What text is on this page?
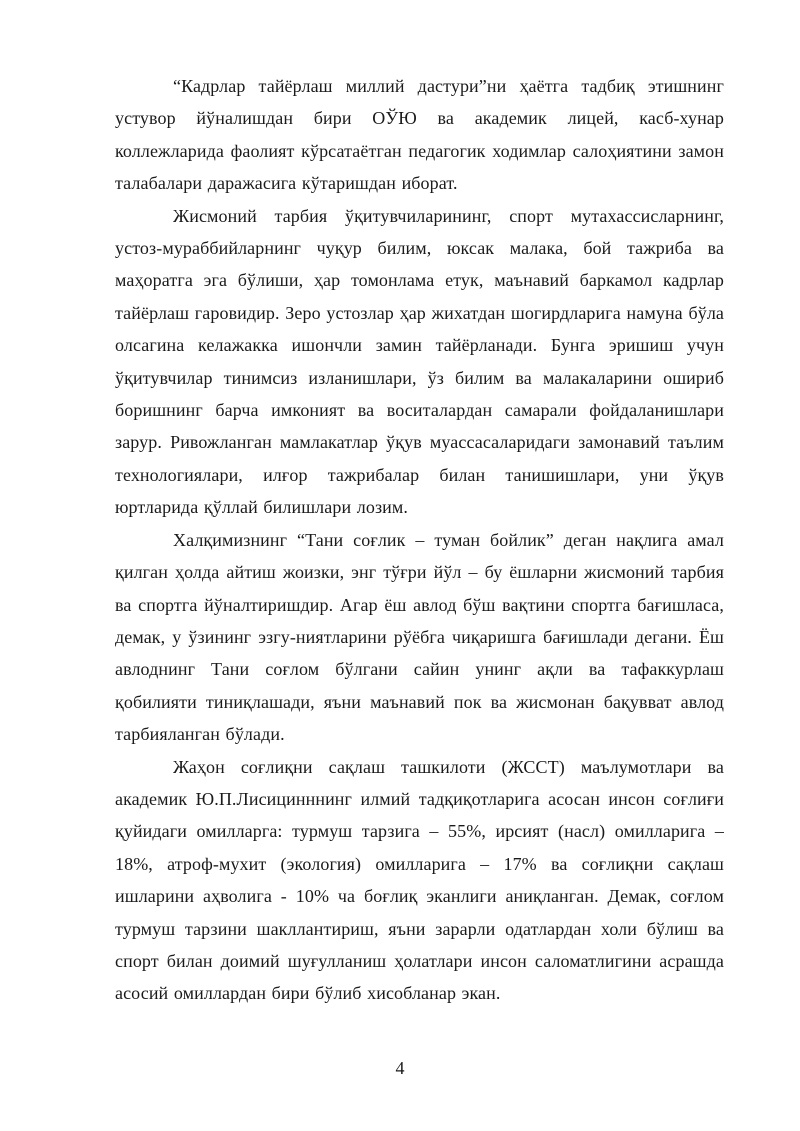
“Кадрлар тайёрлаш миллий дастури”ни ҳаётга тадбиқ этишнинг устувор йўналишдан бири ОЎЮ ва академик лицей, касб-хунар коллежларида фаолият кўрсатаётган педагогик ходимлар салоҳиятини замон талабалари даражасига кўтаришдан иборат.

Жисмоний тарбия ўқитувчиларининг, спорт мутахассисларнинг, устоз-мураббийларнинг чуқур билим, юксак малака, бой тажриба ва маҳоратга эга бўлиши, ҳар томонлама етук, маънавий баркамол кадрлар тайёрлаш гаровидир. Зеро устозлар ҳар жихатдан шогирдларига намуна бўла олсагина келажакка ишончли замин тайёрланади. Бунга эришиш учун ўқитувчилар тинимсиз изланишлари, ўз билим ва малакаларини ошириб боришнинг барча имконият ва воситалардан самарали фойдаланишлари зарур. Ривожланган мамлакатлар ўқув муассасаларидаги замонавий таълим технологиялари, илғор тажрибалар билан танишишлари, уни ўқув юртларида қўллай билишлари лозим.

Халқимизнинг “Тани соғлик – туман бойлик” деган нақлига амал қилган ҳолда айтиш жоизки, энг тўғри йўл – бу ёшларни жисмоний тарбия ва спортга йўналтиришдир. Агар ёш авлод бўш вақтини спортга бағишласа, демак, у ўзининг эзгу-ниятларини рўёбга чиқаришга бағишлади дегани. Ёш авлоднинг Тани соғлом бўлгани сайин унинг ақли ва тафаккурлаш қобилияти тиниқлашади, яъни маънавий пок ва жисмонан бақувват авлод тарбияланган бўлади.

Жаҳон соғлиқни сақлаш ташкилоти (ЖССТ) маълумотлари ва академик Ю.П.Лисицинннинг илмий тадқиқотларига асосан инсон соғлиғи қуйидаги омилларга: турмуш тарзига – 55%, ирсият (насл) омилларига – 18%, атроф-мухит (экология) омилларига – 17% ва соғлиқни сақлаш ишларини аҳволига - 10% ча боғлиқ эканлиги аниқланган. Демак, соғлом турмуш тарзини шакллантириш, яъни зарарли одатлардан холи бўлиш ва спорт билан доимий шуғулланиш ҳолатлари инсон саломатлигини асрашда асосий омиллардан бири бўлиб хисобланар экан.

4
